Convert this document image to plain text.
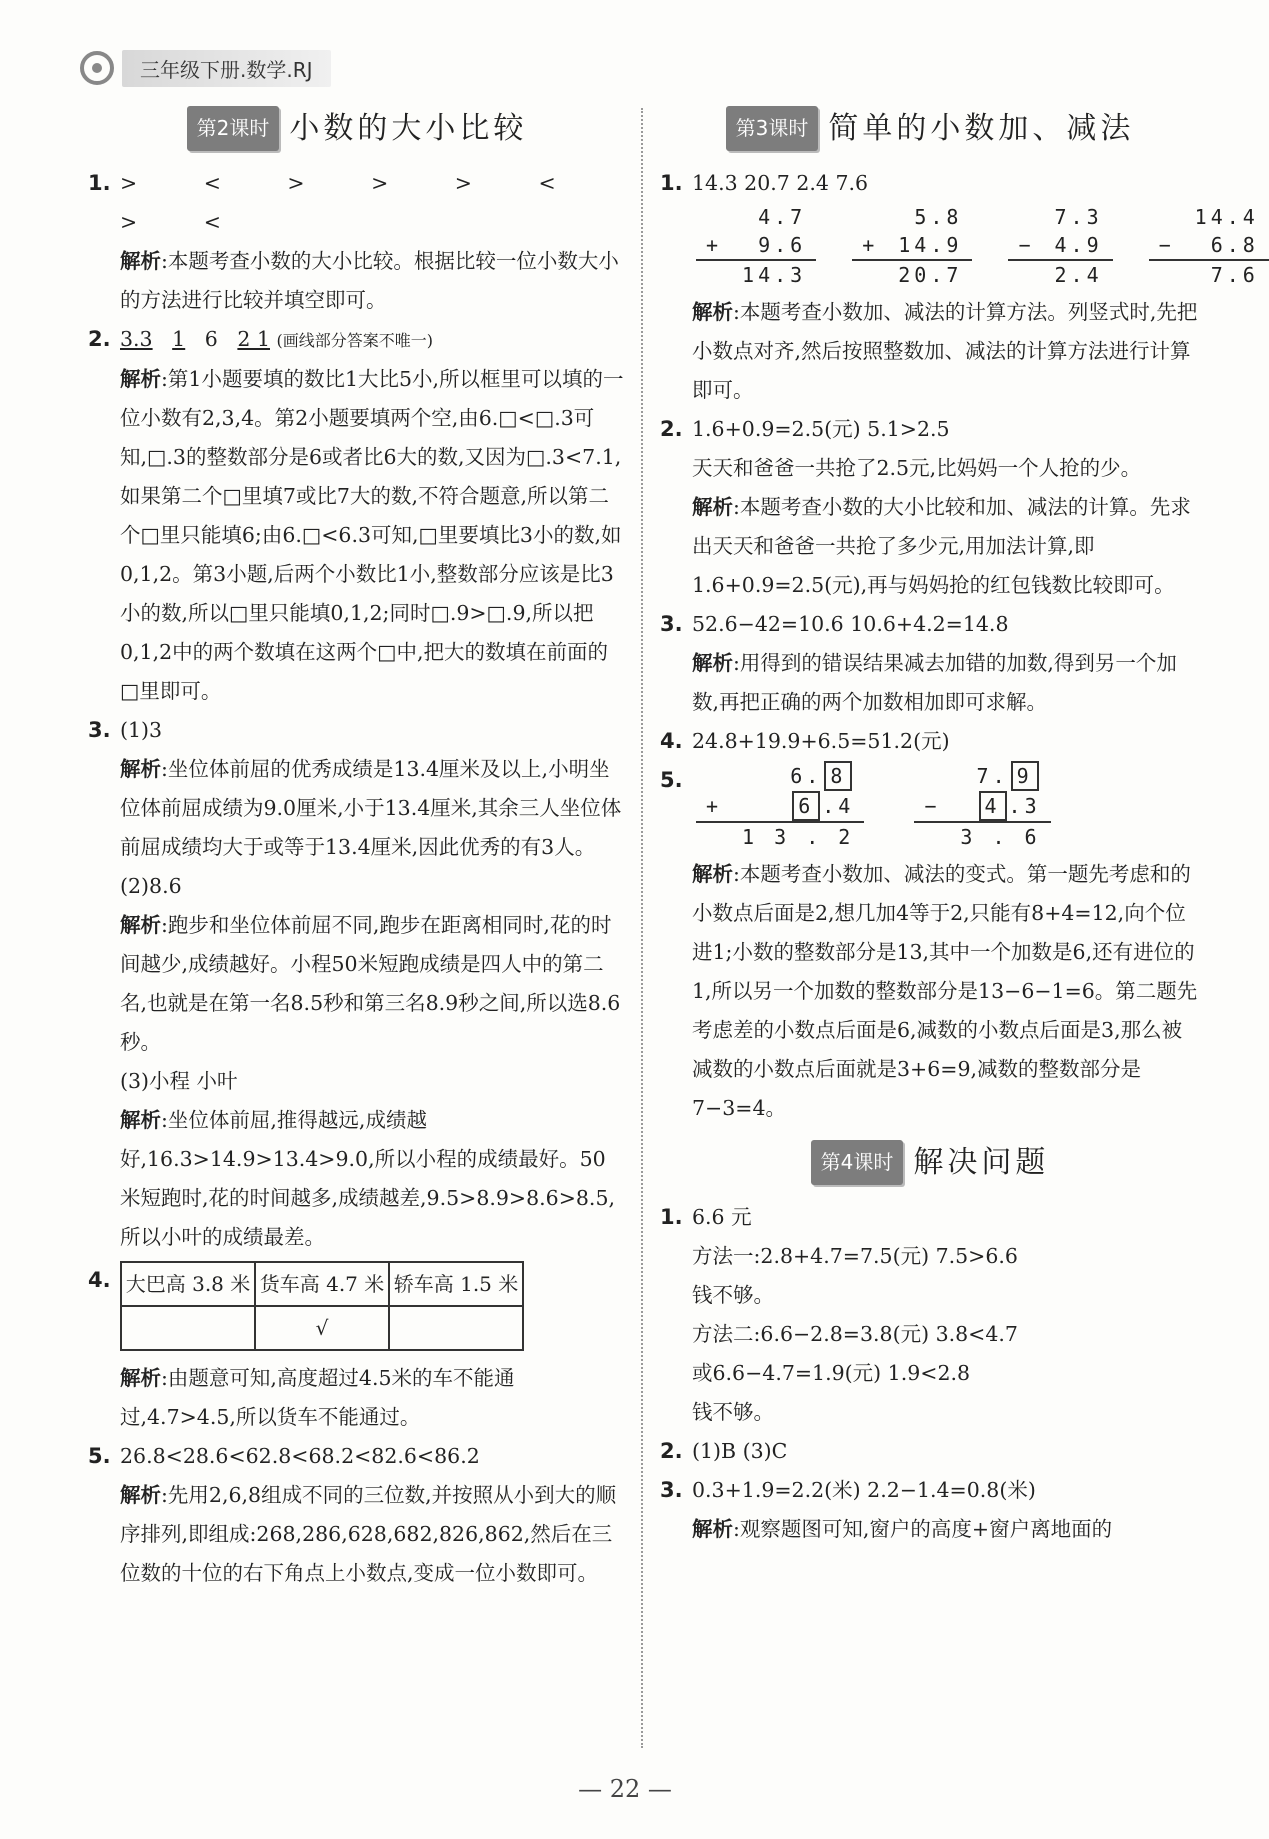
三年级下册.数学.RJ
第2课时 小数的大小比较
1. > < > > > < > <

解析:本题考查小数的大小比较。根据比较一位小数大小的方法进行比较并填空即可。

2. 3.3 1 6 2 1 (画线部分答案不唯一)

解析:第1小题要填的数比1大比5小,所以框里可以填的一位小数有2,3,4。第2小题要填两个空,由6.□<□.3可知,□.3的整数部分是6或者比6大的数,又因为□.3<7.1,如果第二个□里填7或比7大的数,不符合题意,所以第二个□里只能填6;由6.□<6.3可知,□里要填比3小的数,如0,1,2。第3小题,后两个小数比1小,整数部分应该是比3小的数,所以□里只能填0,1,2;同时□.9>□.9,所以把0,1,2中的两个数填在这两个□中,把大的数填在前面的□里即可。

3. (1)3

解析:坐位体前屈的优秀成绩是13.4厘米及以上,小明坐位体前屈成绩为9.0厘米,小于13.4厘米,其余三人坐位体前屈成绩均大于或等于13.4厘米,因此优秀的有3人。

(2)8.6

解析:跑步和坐位体前屈不同,跑步在距离相同时,花的时间越少,成绩越好。小程50米短跑成绩是四人中的第二名,也就是在第一名8.5秒和第三名8.9秒之间,所以选8.6秒。

(3)小程 小叶

解析:坐位体前屈,推得越远,成绩越好,16.3>14.9>13.4>9.0,所以小程的成绩最好。50米短跑时,花的时间越多,成绩越差,9.5>8.9>8.6>8.5,所以小叶的成绩最差。

4. 大巴高 3.8 米	货车高 4.7 米	轿车高 1.5 米
	√	

解析:由题意可知,高度超过4.5米的车不能通过,4.7>4.5,所以货车不能通过。

5. 26.8<28.6<62.8<68.2<82.6<86.2

解析:先用2,6,8组成不同的三位数,并按照从小到大的顺序排列,即组成:268,286,628,682,826,862,然后在三位数的十位的右下角点上小数点,变成一位小数即可。

第3课时 简单的小数加、减法
1. 14.3 20.7 2.4 7.6

	4.7
+	9.6
	14.3
	5.8
+	14.9
	20.7
	7.3
−	4.9
	2.4
	14.4
−	6.8
	7.6

解析:本题考查小数加、减法的计算方法。列竖式时,先把小数点对齐,然后按照整数加、减法的计算方法进行计算即可。

2. 1.6+0.9=2.5(元) 5.1>2.5

天天和爸爸一共抢了2.5元,比妈妈一个人抢的少。

解析:本题考查小数的大小比较和加、减法的计算。先求出天天和爸爸一共抢了多少元,用加法计算,即1.6+0.9=2.5(元),再与妈妈抢的红包钱数比较即可。

3. 52.6−42=10.6 10.6+4.2=14.8

解析:用得到的错误结果减去加错的加数,得到另一个加数,再把正确的两个加数相加即可求解。

4. 24.8+19.9+6.5=51.2(元)

5.
		6. 8
+	6 .4
	1 3 . 2
	7. 9
−	4 .3
	3 . 6

解析:本题考查小数加、减法的变式。第一题先考虑和的小数点后面是2,想几加4等于2,只能有8+4=12,向个位进1;小数的整数部分是13,其中一个加数是6,还有进位的1,所以另一个加数的整数部分是13−6−1=6。第二题先考虑差的小数点后面是6,减数的小数点后面是3,那么被减数的小数点后面就是3+6=9,减数的整数部分是7−3=4。

第4课时 解决问题
1. 6.6 元

方法一:2.8+4.7=7.5(元) 7.5>6.6

钱不够。

方法二:6.6−2.8=3.8(元) 3.8<4.7

或6.6−4.7=1.9(元) 1.9<2.8

钱不够。

2. (1)B (3)C

3. 0.3+1.9=2.2(米) 2.2−1.4=0.8(米)

解析:观察题图可知,窗户的高度+窗户离地面的

— 22 —
